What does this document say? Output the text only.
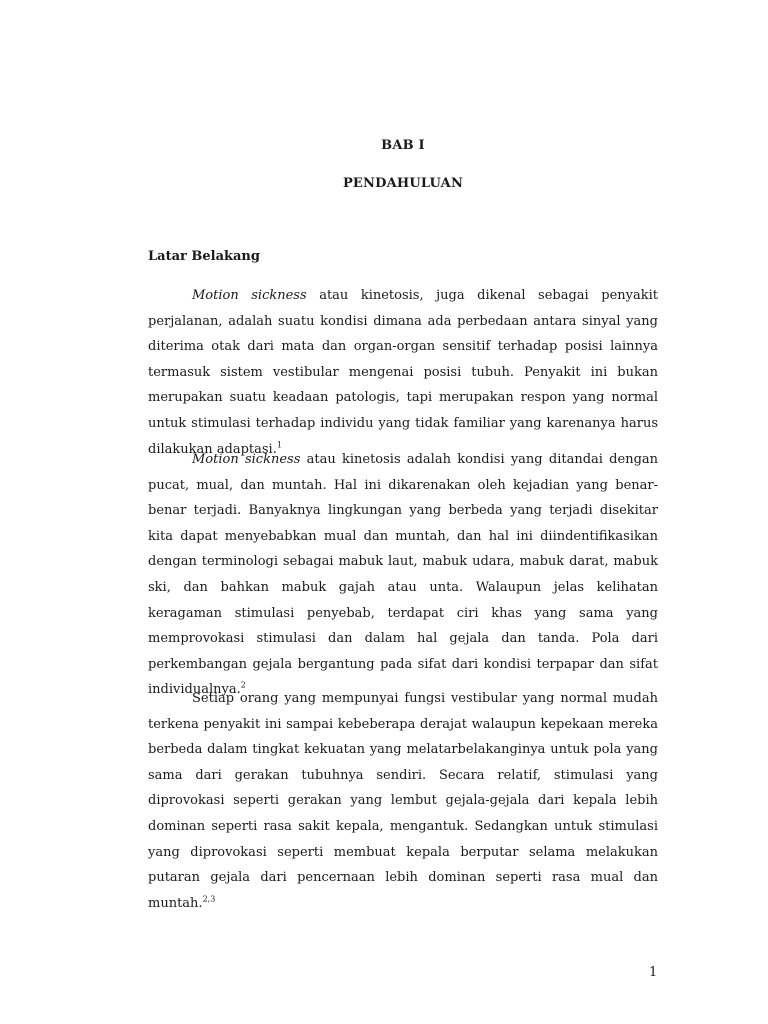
BAB I
PENDAHULUAN
Latar Belakang

Motion sickness atau kinetosis, juga dikenal sebagai penyakit perjalanan, adalah suatu kondisi dimana ada perbedaan antara sinyal yang diterima otak dari mata dan organ-organ sensitif terhadap posisi lainnya termasuk sistem vestibular mengenai posisi tubuh. Penyakit ini bukan merupakan suatu keadaan patologis, tapi merupakan respon yang normal untuk stimulasi terhadap individu yang tidak familiar yang karenanya harus dilakukan adaptasi.$^1$

Motion sickness atau kinetosis adalah kondisi yang ditandai dengan pucat, mual, dan muntah. Hal ini dikarenakan oleh kejadian yang benar-benar terjadi. Banyaknya lingkungan yang berbeda yang terjadi disekitar kita dapat menyebabkan mual dan muntah, dan hal ini diindentifikasikan dengan terminologi sebagai mabuk laut, mabuk udara, mabuk darat, mabuk ski, dan bahkan mabuk gajah atau unta. Walaupun jelas kelihatan keragaman stimulasi penyebab, terdapat ciri khas yang sama yang memprovokasi stimulasi dan dalam hal gejala dan tanda. Pola dari perkembangan gejala bergantung pada sifat dari kondisi terpapar dan sifat individualnya.$^2$

Setiap orang yang mempunyai fungsi vestibular yang normal mudah terkena penyakit ini sampai kebeberapa derajat walaupun kepekaan mereka berbeda dalam tingkat kekuatan yang melatarbelakanginya untuk pola yang sama dari gerakan tubuhnya sendiri. Secara relatif, stimulasi yang diprovokasi seperti gerakan yang lembut gejala-gejala dari kepala lebih dominan seperti rasa sakit kepala, mengantuk. Sedangkan untuk stimulasi yang diprovokasi seperti membuat kepala berputar selama melakukan putaran gejala dari pencernaan lebih dominan seperti rasa mual dan muntah.$^{2,3}$

1
